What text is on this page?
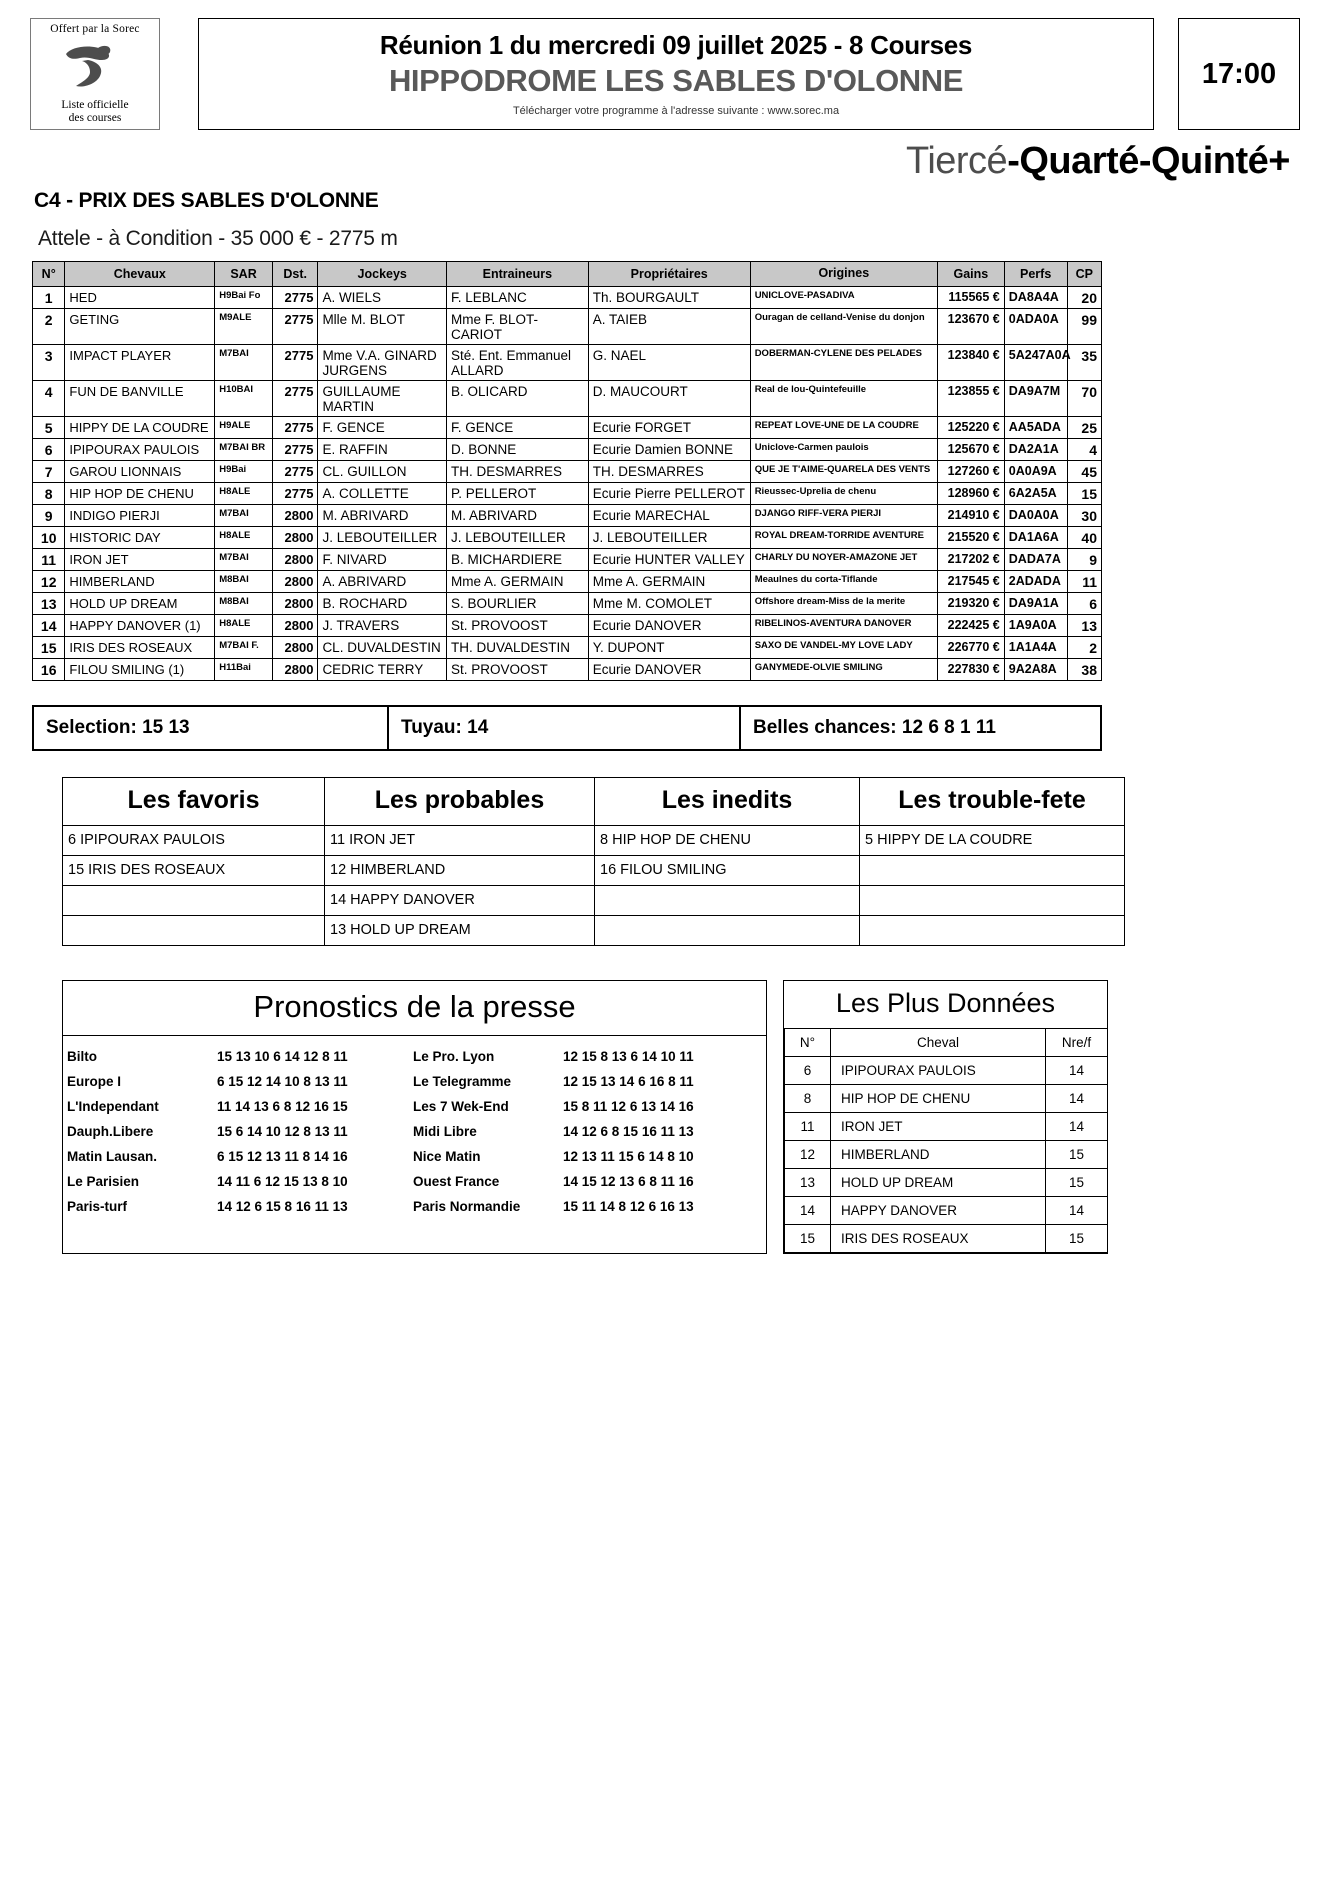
Offert par la Sorec
Liste officielle
des courses
Réunion 1 du mercredi 09 juillet 2025 - 8 Courses
HIPPODROME LES SABLES D'OLONNE
Télécharger votre programme à l'adresse suivante : www.sorec.ma
17:00
Tiercé-Quarté-Quinté+
C4 - PRIX DES SABLES D'OLONNE
Attele - à Condition - 35 000 € - 2775 m
N°	Chevaux	SAR	Dst.	Jockeys	Entraineurs	Propriétaires	Origines	Gains	Perfs	CP
1	HED	H9Bai Fo	2775	A. WIELS	F. LEBLANC	Th. BOURGAULT	UNICLOVE-PASADIVA	115565 €	DA8A4A	20
2	GETING	M9ALE	2775	Mlle M. BLOT	Mme F. BLOT-CARIOT	A. TAIEB	Ouragan de celland-Venise du donjon	123670 €	0ADA0A	99
3	IMPACT PLAYER	M7BAI	2775	Mme V.A. GINARD JURGENS	Sté. Ent. Emmanuel ALLARD	G. NAEL	DOBERMAN-CYLENE DES PELADES	123840 €	5A247A0A	35
4	FUN DE BANVILLE	H10BAI	2775	GUILLAUME MARTIN	B. OLICARD	D. MAUCOURT	Real de lou-Quintefeuille	123855 €	DA9A7M	70
5	HIPPY DE LA COUDRE	H9ALE	2775	F. GENCE	F. GENCE	Ecurie FORGET	REPEAT LOVE-UNE DE LA COUDRE	125220 €	AA5ADA	25
6	IPIPOURAX PAULOIS	M7BAI BR	2775	E. RAFFIN	D. BONNE	Ecurie Damien BONNE	Uniclove-Carmen paulois	125670 €	DA2A1A	4
7	GAROU LIONNAIS	H9Bai	2775	CL. GUILLON	TH. DESMARRES	TH. DESMARRES	QUE JE T'AIME-QUARELA DES VENTS	127260 €	0A0A9A	45
8	HIP HOP DE CHENU	H8ALE	2775	A. COLLETTE	P. PELLEROT	Ecurie Pierre PELLEROT	Rieussec-Uprelia de chenu	128960 €	6A2A5A	15
9	INDIGO PIERJI	M7BAI	2800	M. ABRIVARD	M. ABRIVARD	Ecurie MARECHAL	DJANGO RIFF-VERA PIERJI	214910 €	DA0A0A	30
10	HISTORIC DAY	H8ALE	2800	J. LEBOUTEILLER	J. LEBOUTEILLER	J. LEBOUTEILLER	ROYAL DREAM-TORRIDE AVENTURE	215520 €	DA1A6A	40
11	IRON JET	M7BAI	2800	F. NIVARD	B. MICHARDIERE	Ecurie HUNTER VALLEY	CHARLY DU NOYER-AMAZONE JET	217202 €	DADA7A	9
12	HIMBERLAND	M8BAI	2800	A. ABRIVARD	Mme A. GERMAIN	Mme A. GERMAIN	Meaulnes du corta-Tiflande	217545 €	2ADADA	11
13	HOLD UP DREAM	M8BAI	2800	B. ROCHARD	S. BOURLIER	Mme M. COMOLET	Offshore dream-Miss de la merite	219320 €	DA9A1A	6
14	HAPPY DANOVER (1)	H8ALE	2800	J. TRAVERS	St. PROVOOST	Ecurie DANOVER	RIBELINOS-AVENTURA DANOVER	222425 €	1A9A0A	13
15	IRIS DES ROSEAUX	M7BAI F.	2800	CL. DUVALDESTIN	TH. DUVALDESTIN	Y. DUPONT	SAXO DE VANDEL-MY LOVE LADY	226770 €	1A1A4A	2
16	FILOU SMILING (1)	H11Bai	2800	CEDRIC TERRY	St. PROVOOST	Ecurie DANOVER	GANYMEDE-OLVIE SMILING	227830 €	9A2A8A	38
Selection: 15 13	Tuyau: 14	Belles chances: 12 6 8 1 11
Les favoris	Les probables	Les inedits	Les trouble-fete
6 IPIPOURAX PAULOIS	11 IRON JET	8 HIP HOP DE CHENU	5 HIPPY DE LA COUDRE
15 IRIS DES ROSEAUX	12 HIMBERLAND	16 FILOU SMILING	
	14 HAPPY DANOVER		
	13 HOLD UP DREAM		
Pronostics de la presse
Bilto	15 13 10 6 14 12 8 11	Le Pro. Lyon	12 15 8 13 6 14 10 11
Europe I	6 15 12 14 10 8 13 11	Le Telegramme	12 15 13 14 6 16 8 11
L'Independant	11 14 13 6 8 12 16 15	Les 7 Wek-End	15 8 11 12 6 13 14 16
Dauph.Libere	15 6 14 10 12 8 13 11	Midi Libre	14 12 6 8 15 16 11 13
Matin Lausan.	6 15 12 13 11 8 14 16	Nice Matin	12 13 11 15 6 14 8 10
Le Parisien	14 11 6 12 15 13 8 10	Ouest France	14 15 12 13 6 8 11 16
Paris-turf	14 12 6 15 8 16 11 13	Paris Normandie	15 11 14 8 12 6 16 13
Les Plus Données
N°	Cheval	Nre/f
6	IPIPOURAX PAULOIS	14
8	HIP HOP DE CHENU	14
11	IRON JET	14
12	HIMBERLAND	15
13	HOLD UP DREAM	15
14	HAPPY DANOVER	14
15	IRIS DES ROSEAUX	15
